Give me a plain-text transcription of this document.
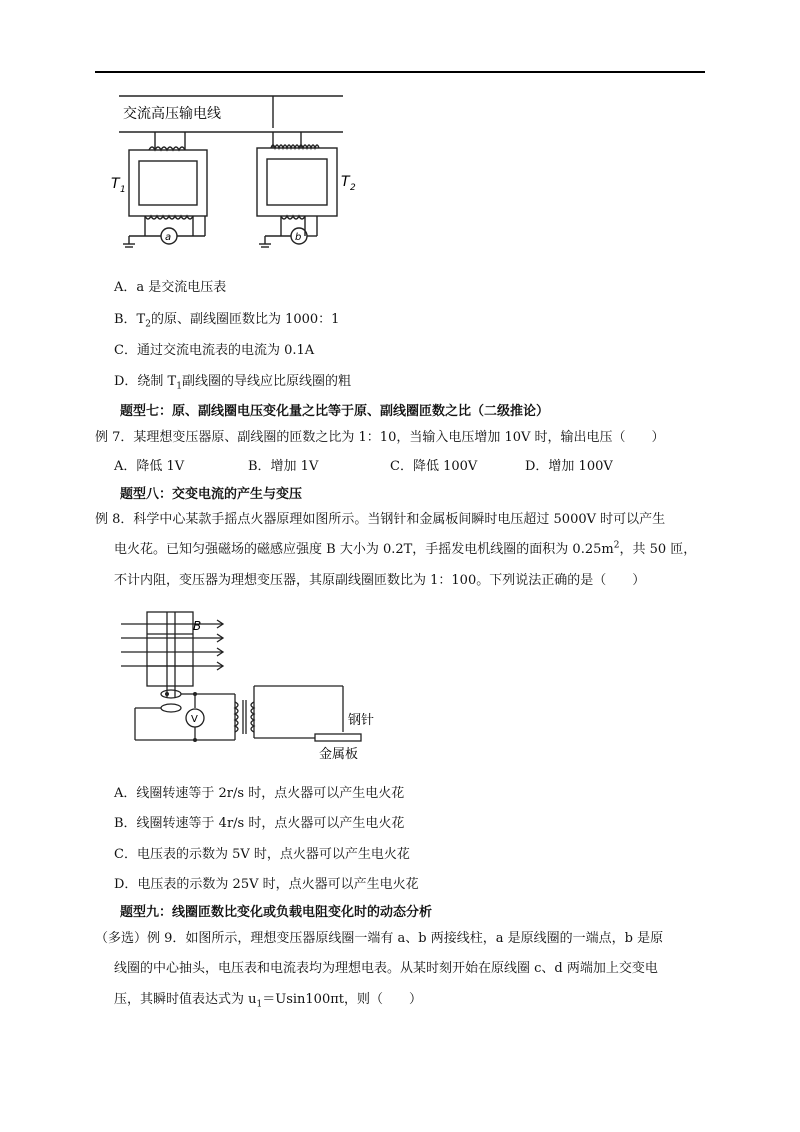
交流高压输电线
T 1	T 2
a	b
A．a 是交流电压表
B．$T_2$的原、副线圈匝数比为 1000：1
C．通过交流电流表的电流为 0.1A
D．绕制 $T_1$副线圈的导线应比原线圈的粗
题型七：原、副线圈电压变化量之比等于原、副线圈匝数之比（二级推论）
例 7．某理想变压器原、副线圈的匝数之比为 1：10，当输入电压增加 10V 时，输出电压（　　）
A．降低 1V	B．增加 1V	C．降低 100V	D．增加 100V
题型八：交变电流的产生与变压
例 8．科学中心某款手摇点火器原理如图所示。当钢针和金属板间瞬时电压超过 5000V 时可以产生
电火花。已知匀强磁场的磁感应强度 B 大小为 0.2T，手摇发电机线圈的面积为 $0.25m^2$，共 50 匝，
不计内阻，变压器为理想变压器，其原副线圈匝数比为 1：100。下列说法正确的是（　　）
B
V	钢针
金属板
A．线圈转速等于 2r/s 时，点火器可以产生电火花
B．线圈转速等于 4r/s 时，点火器可以产生电火花
C．电压表的示数为 5V 时，点火器可以产生电火花
D．电压表的示数为 25V 时，点火器可以产生电火花
题型九：线圈匝数比变化或负载电阻变化时的动态分析
（多选）例 9．如图所示，理想变压器原线圈一端有 a、b 两接线柱，a 是原线圈的一端点，b 是原
线圈的中心抽头，电压表和电流表均为理想电表。从某时刻开始在原线圈 c、d 两端加上交变电
压，其瞬时值表达式为 $u_1=Usin100\pi t$，则（　　）
